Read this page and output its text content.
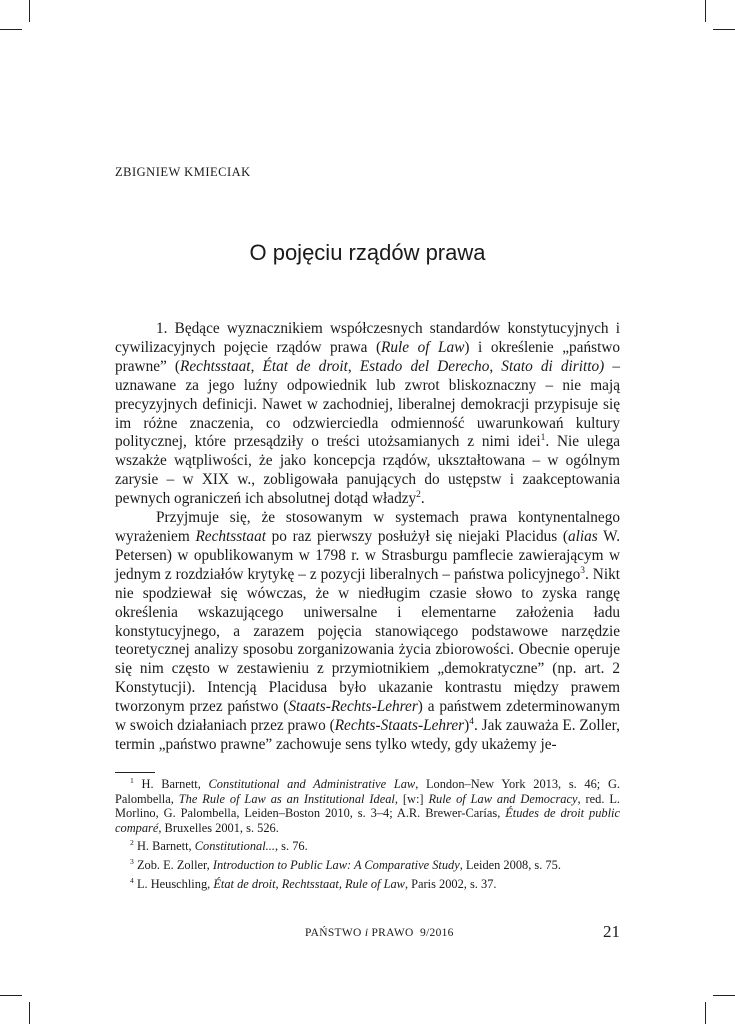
ZBIGNIEW KMIECIAK
O pojęciu rządów prawa

1. Będące wyznacznikiem współczesnych standardów konstytucyjnych i cywilizacyjnych pojęcie rządów prawa (Rule of Law) i określenie „państwo prawne” (Rechtsstaat, État de droit, Estado del Derecho, Stato di diritto) – uznawane za jego luźny odpowiednik lub zwrot bliskoznaczny – nie mają precyzyjnych definicji. Nawet w zachodniej, liberalnej demokracji przypisuje się im różne znaczenia, co odzwierciedla odmienność uwarunkowań kultury politycznej, które przesądziły o treści utożsamianych z nimi idei$^1$. Nie ulega wszakże wątpliwości, że jako koncepcja rządów, ukształtowana – w ogólnym zarysie – w XIX w., zobligowała panujących do ustępstw i zaakceptowania pewnych ograniczeń ich absolutnej dotąd władzy$^2$.

Przyjmuje się, że stosowanym w systemach prawa kontynentalnego wyrażeniem Rechtsstaat po raz pierwszy posłużył się niejaki Placidus (alias W. Petersen) w opublikowanym w 1798 r. w Strasburgu pamflecie zawierającym w jednym z rozdziałów krytykę – z pozycji liberalnych – państwa policyjnego$^3$. Nikt nie spodziewał się wówczas, że w niedługim czasie słowo to zyska rangę określenia wskazującego uniwersalne i elementarne założenia ładu konstytucyjnego, a zarazem pojęcia stanowiącego podstawowe narzędzie teoretycznej analizy sposobu zorganizowania życia zbiorowości. Obecnie operuje się nim często w zestawieniu z przymiotnikiem „demokratyczne” (np. art. 2 Konstytucji). Intencją Placidusa było ukazanie kontrastu między prawem tworzonym przez państwo (Staats-Rechts-Lehrer) a państwem zdeterminowanym w swoich działaniach przez prawo (Rechts-Staats-Lehrer)$^4$. Jak zauważa E. Zoller, termin „państwo prawne” zachowuje sens tylko wtedy, gdy ukażemy je-

$^1$ H. Barnett, Constitutional and Administrative Law, London–New York 2013, s. 46; G. Palombella, The Rule of Law as an Institutional Ideal, [w:] Rule of Law and Democracy, red. L. Morlino, G. Palombella, Leiden–Boston 2010, s. 3–4; A.R. Brewer-Carías, Études de droit public comparé, Bruxelles 2001, s. 526.

$^2$ H. Barnett, Constitutional..., s. 76.

$^3$ Zob. E. Zoller, Introduction to Public Law: A Comparative Study, Leiden 2008, s. 75.

$^4$ L. Heuschling, État de droit, Rechtsstaat, Rule of Law, Paris 2002, s. 37.

PAŃSTWO i PRAWO 9/2016	21
